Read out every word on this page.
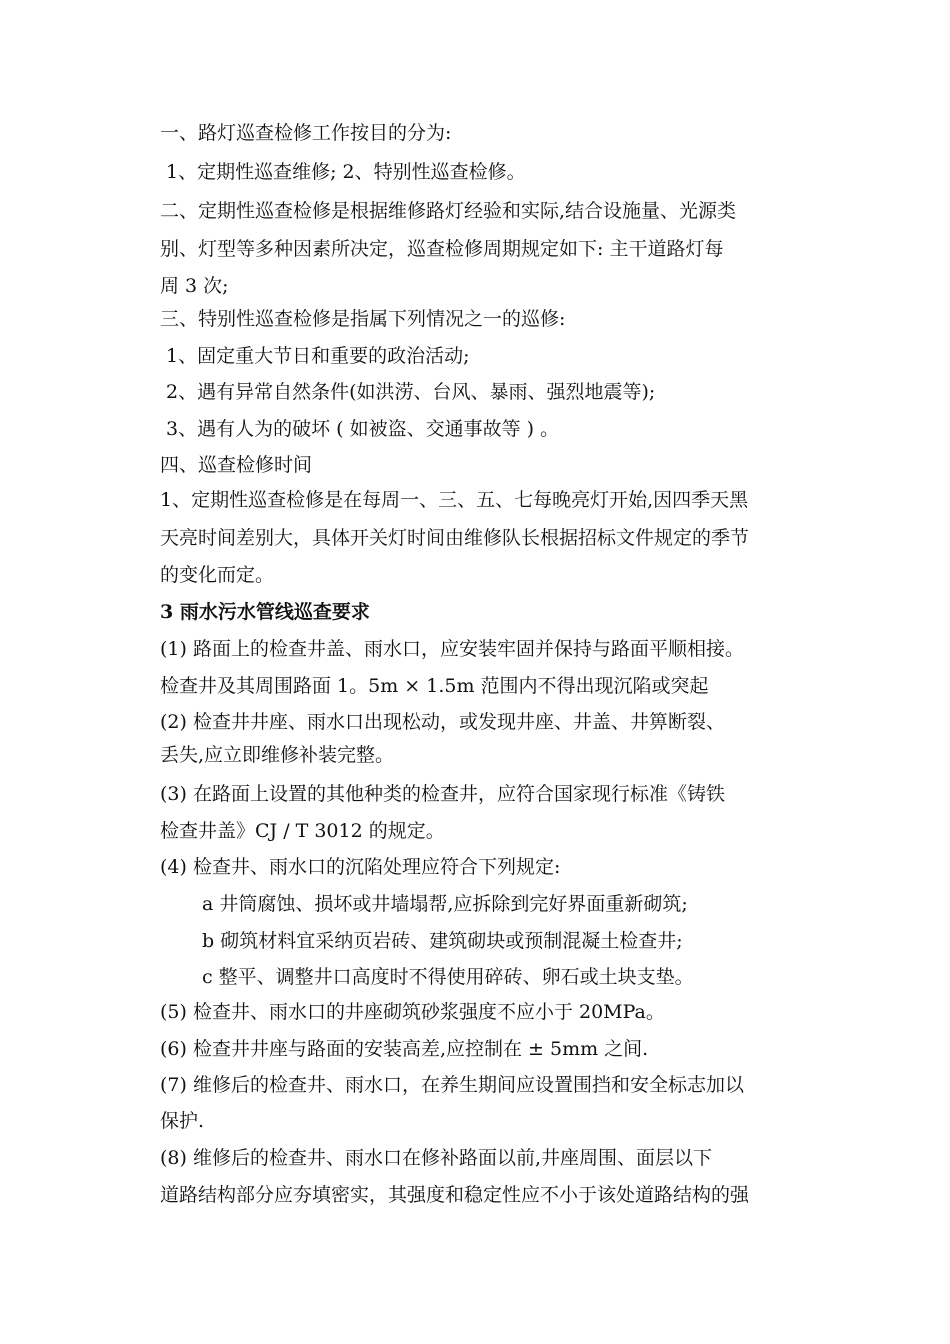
一、路灯巡查检修工作按目的分为:
1、定期性巡查维修; 2、特别性巡查检修。
二、定期性巡查检修是根据维修路灯经验和实际,结合设施量、光源类
别、灯型等多种因素所决定，巡查检修周期规定如下: 主干道路灯每
周 3 次;
三、特别性巡查检修是指属下列情况之一的巡修:
1、固定重大节日和重要的政治活动;
2、遇有异常自然条件(如洪涝、台风、暴雨、强烈地震等);
3、遇有人为的破坏 ( 如被盗、交通事故等 ) 。
四、巡查检修时间
1、定期性巡查检修是在每周一、三、五、七每晚亮灯开始,因四季天黑
天亮时间差别大，具体开关灯时间由维修队长根据招标文件规定的季节
的变化而定。
3 雨水污水管线巡查要求
(1) 路面上的检查井盖、雨水口，应安装牢固并保持与路面平顺相接。
检查井及其周围路面 1。5m × 1.5m 范围内不得出现沉陷或突起
(2) 检查井井座、雨水口出现松动，或发现井座、井盖、井箅断裂、
丢失,应立即维修补装完整。
(3) 在路面上设置的其他种类的检查井，应符合国家现行标准《铸铁
检查井盖》CJ / T 3012 的规定。
(4) 检查井、雨水口的沉陷处理应符合下列规定:
a 井筒腐蚀、损坏或井墙塌帮,应拆除到完好界面重新砌筑;
b 砌筑材料宜采纳页岩砖、建筑砌块或预制混凝土检查井;
c 整平、调整井口高度时不得使用碎砖、卵石或土块支垫。
(5) 检查井、雨水口的井座砌筑砂浆强度不应小于 20MPa。
(6) 检查井井座与路面的安装高差,应控制在 ± 5mm 之间.
(7) 维修后的检查井、雨水口，在养生期间应设置围挡和安全标志加以
保护.
(8) 维修后的检查井、雨水口在修补路面以前,井座周围、面层以下
道路结构部分应夯填密实，其强度和稳定性应不小于该处道路结构的强
